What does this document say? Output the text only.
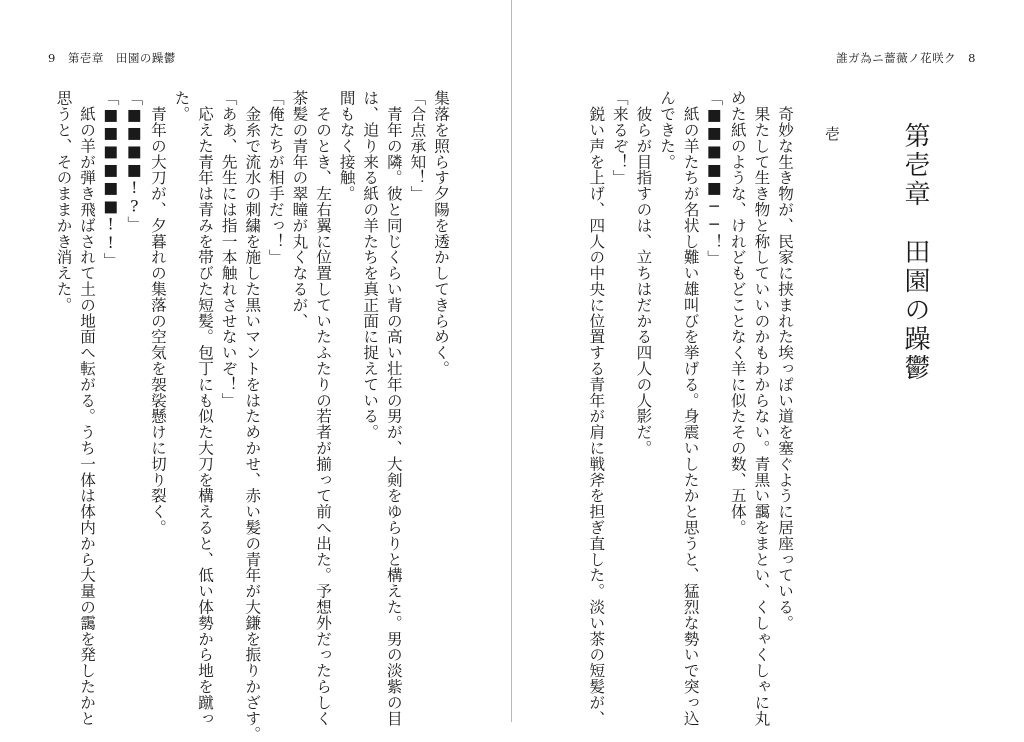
9 第壱章　田園の躁鬱
集落を照らす夕陽を透かしてきらめく。
「合点承知！」
　青年の隣。彼と同じくらい背の高い壮年の男が、大剣をゆらりと構えた。男の淡紫の目
は、迫り来る紙の羊たちを真正面に捉えている。
間もなく接触。
　そのとき、左右翼に位置していたふたりの若者が揃って前へ出た。予想外だったらしく
茶髪の青年の翠瞳が丸くなるが、
「俺たちが相手だっ！」
　金糸で流水の刺繍を施した黒いマントをはためかせ、赤い髪の青年が大鎌を振りかざす。
「ああ、先生には指一本触れさせないぞ！」
　応えた青年は青みを帯びた短髪。包丁にも似た大刀を構えると、低い体勢から地を蹴っ
た。
　青年の大刀が、夕暮れの集落の空気を袈裟懸けに切り裂く。
「■■■■!?」
「■■■■■■!!」
　紙の羊が弾き飛ばされて土の地面へ転がる。うち一体は体内から大量の靄を発したかと
思うと、そのままかき消えた。
誰ガ為ニ薔薇ノ花咲ク 8
第壱章　田園の躁鬱
壱
　奇妙な生き物が、民家に挟まれた埃っぽい道を塞ぐように居座っている。
　果たして生き物と称していいのかもわからない。青黒い靄をまとい、くしゃくしゃに丸
めた紙のような、けれどもどことなく羊に似たその数、五体。
「■■■■■──！」
　紙の羊たちが名状し難い雄叫びを挙げる。身震いしたかと思うと、猛烈な勢いで突っ込
んできた。
　彼らが目指すのは、立ちはだかる四人の人影だ。
「来るぞ！」
　鋭い声を上げ、四人の中央に位置する青年が肩に戦斧を担ぎ直した。淡い茶の短髪が、
